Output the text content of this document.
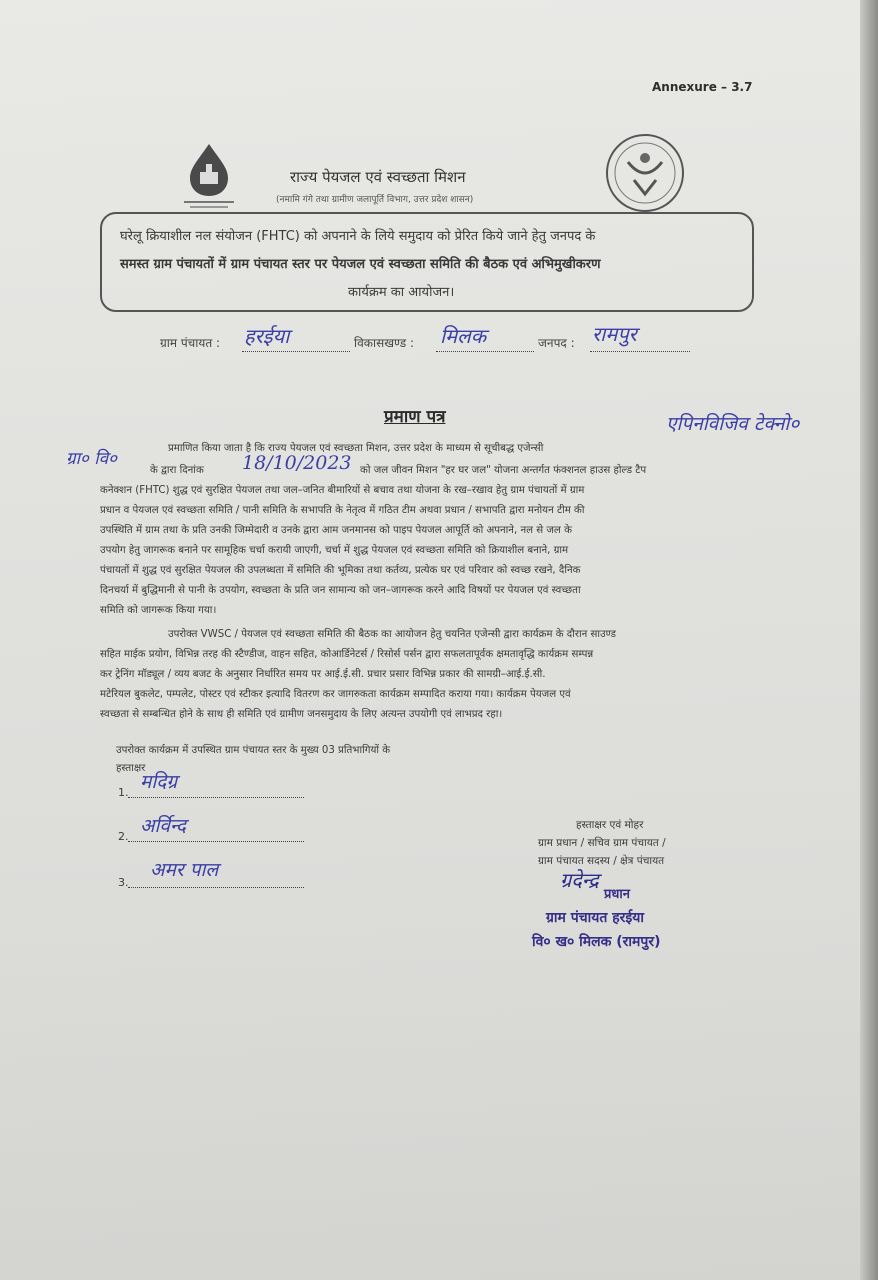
Annexure – 3.7
राज्य पेयजल एवं स्वच्छता मिशन
(नमामि गंगे तथा ग्रामीण जलापूर्ति विभाग, उत्तर प्रदेश शासन)
घरेलू क्रियाशील नल संयोजन (FHTC) को अपनाने के लिये समुदाय को प्रेरित किये जाने हेतु जनपद के
समस्त ग्राम पंचायतों में ग्राम पंचायत स्तर पर पेयजल एवं स्वच्छता समिति की बैठक एवं अभिमुखीकरण
कार्यक्रम का आयोजन।
ग्राम पंचायत : हरईया	विकासखण्ड : मिलक	जनपद : रामपुर
प्रमाण पत्र	एपिनविजिव टेक्नो०
ग्रा० वि०
प्रमाणित किया जाता है कि राज्य पेयजल एवं स्वच्छता मिशन, उत्तर प्रदेश के माध्यम से सूचीबद्ध एजेन्सी
के द्वारा दिनांक 18/10/2023 को जल जीवन मिशन "हर घर जल" योजना अन्तर्गत फंक्शनल हाउस होल्ड टैप
कनेक्शन (FHTC) शुद्ध एवं सुरक्षित पेयजल तथा जल–जनित बीमारियों से बचाव तथा योजना के रख–रखाव हेतु ग्राम पंचायतों में ग्राम
प्रधान व पेयजल एवं स्वच्छता समिति / पानी समिति के सभापति के नेतृत्व में गठित टीम अथवा प्रधान / सभापति द्वारा मनोयन टीम की
उपस्थिति में ग्राम तथा के प्रति उनकी जिम्मेदारी व उनके द्वारा आम जनमानस को पाइप पेयजल आपूर्ति को अपनाने, नल से जल के
उपयोग हेतु जागरूक बनाने पर सामूहिक चर्चा करायी जाएगी, चर्चा में शुद्ध पेयजल एवं स्वच्छता समिति को क्रियाशील बनाने, ग्राम
पंचायतों में शुद्ध एवं सुरक्षित पेयजल की उपलब्धता में समिति की भूमिका तथा कर्तव्य, प्रत्येक घर एवं परिवार को स्वच्छ रखने, दैनिक
दिनचर्या में बुद्धिमानी से पानी के उपयोग, स्वच्छता के प्रति जन सामान्य को जन–जागरूक करने आदि विषयों पर पेयजल एवं स्वच्छता
समिति को जागरूक किया गया।
उपरोक्त VWSC / पेयजल एवं स्वच्छता समिति की बैठक का आयोजन हेतु चयनित एजेन्सी द्वारा कार्यक्रम के दौरान साउण्ड
सहित माईक प्रयोग, विभिन्न तरह की स्टैण्डीज, वाहन सहित, कोआर्डिनेटर्स / रिसोर्स पर्सन द्वारा सफलतापूर्वक क्षमतावृद्धि कार्यक्रम सम्पन्न
कर ट्रेनिंग मॉड्यूल / व्यय बजट के अनुसार निर्धारित समय पर आई.ई.सी. प्रचार प्रसार विभिन्न प्रकार की सामग्री–आई.ई.सी.
मटेरियल बुकलेट, पम्पलेट, पोस्टर एवं स्टीकर इत्यादि वितरण कर जागरुकता कार्यक्रम सम्पादित कराया गया। कार्यक्रम पेयजल एवं
स्वच्छता से सम्बन्धित होने के साथ ही समिति एवं ग्रामीण जनसमुदाय के लिए अत्यन्त उपयोगी एवं लाभप्रद रहा।
उपरोक्त कार्यक्रम में उपस्थित ग्राम पंचायत स्तर के मुख्य 03 प्रतिभागियों के
हस्ताक्षर
1. मदिग्र
2. अर्विन्द
3.
अमर पाल
हस्ताक्षर एवं मोहर
ग्राम प्रधान / सचिव ग्राम पंचायत /
ग्राम पंचायत सदस्य / क्षेत्र पंचायत
ग्रदेन्द्र
प्रधान
ग्राम पंचायत हरईया
वि० ख० मिलक (रामपुर)
